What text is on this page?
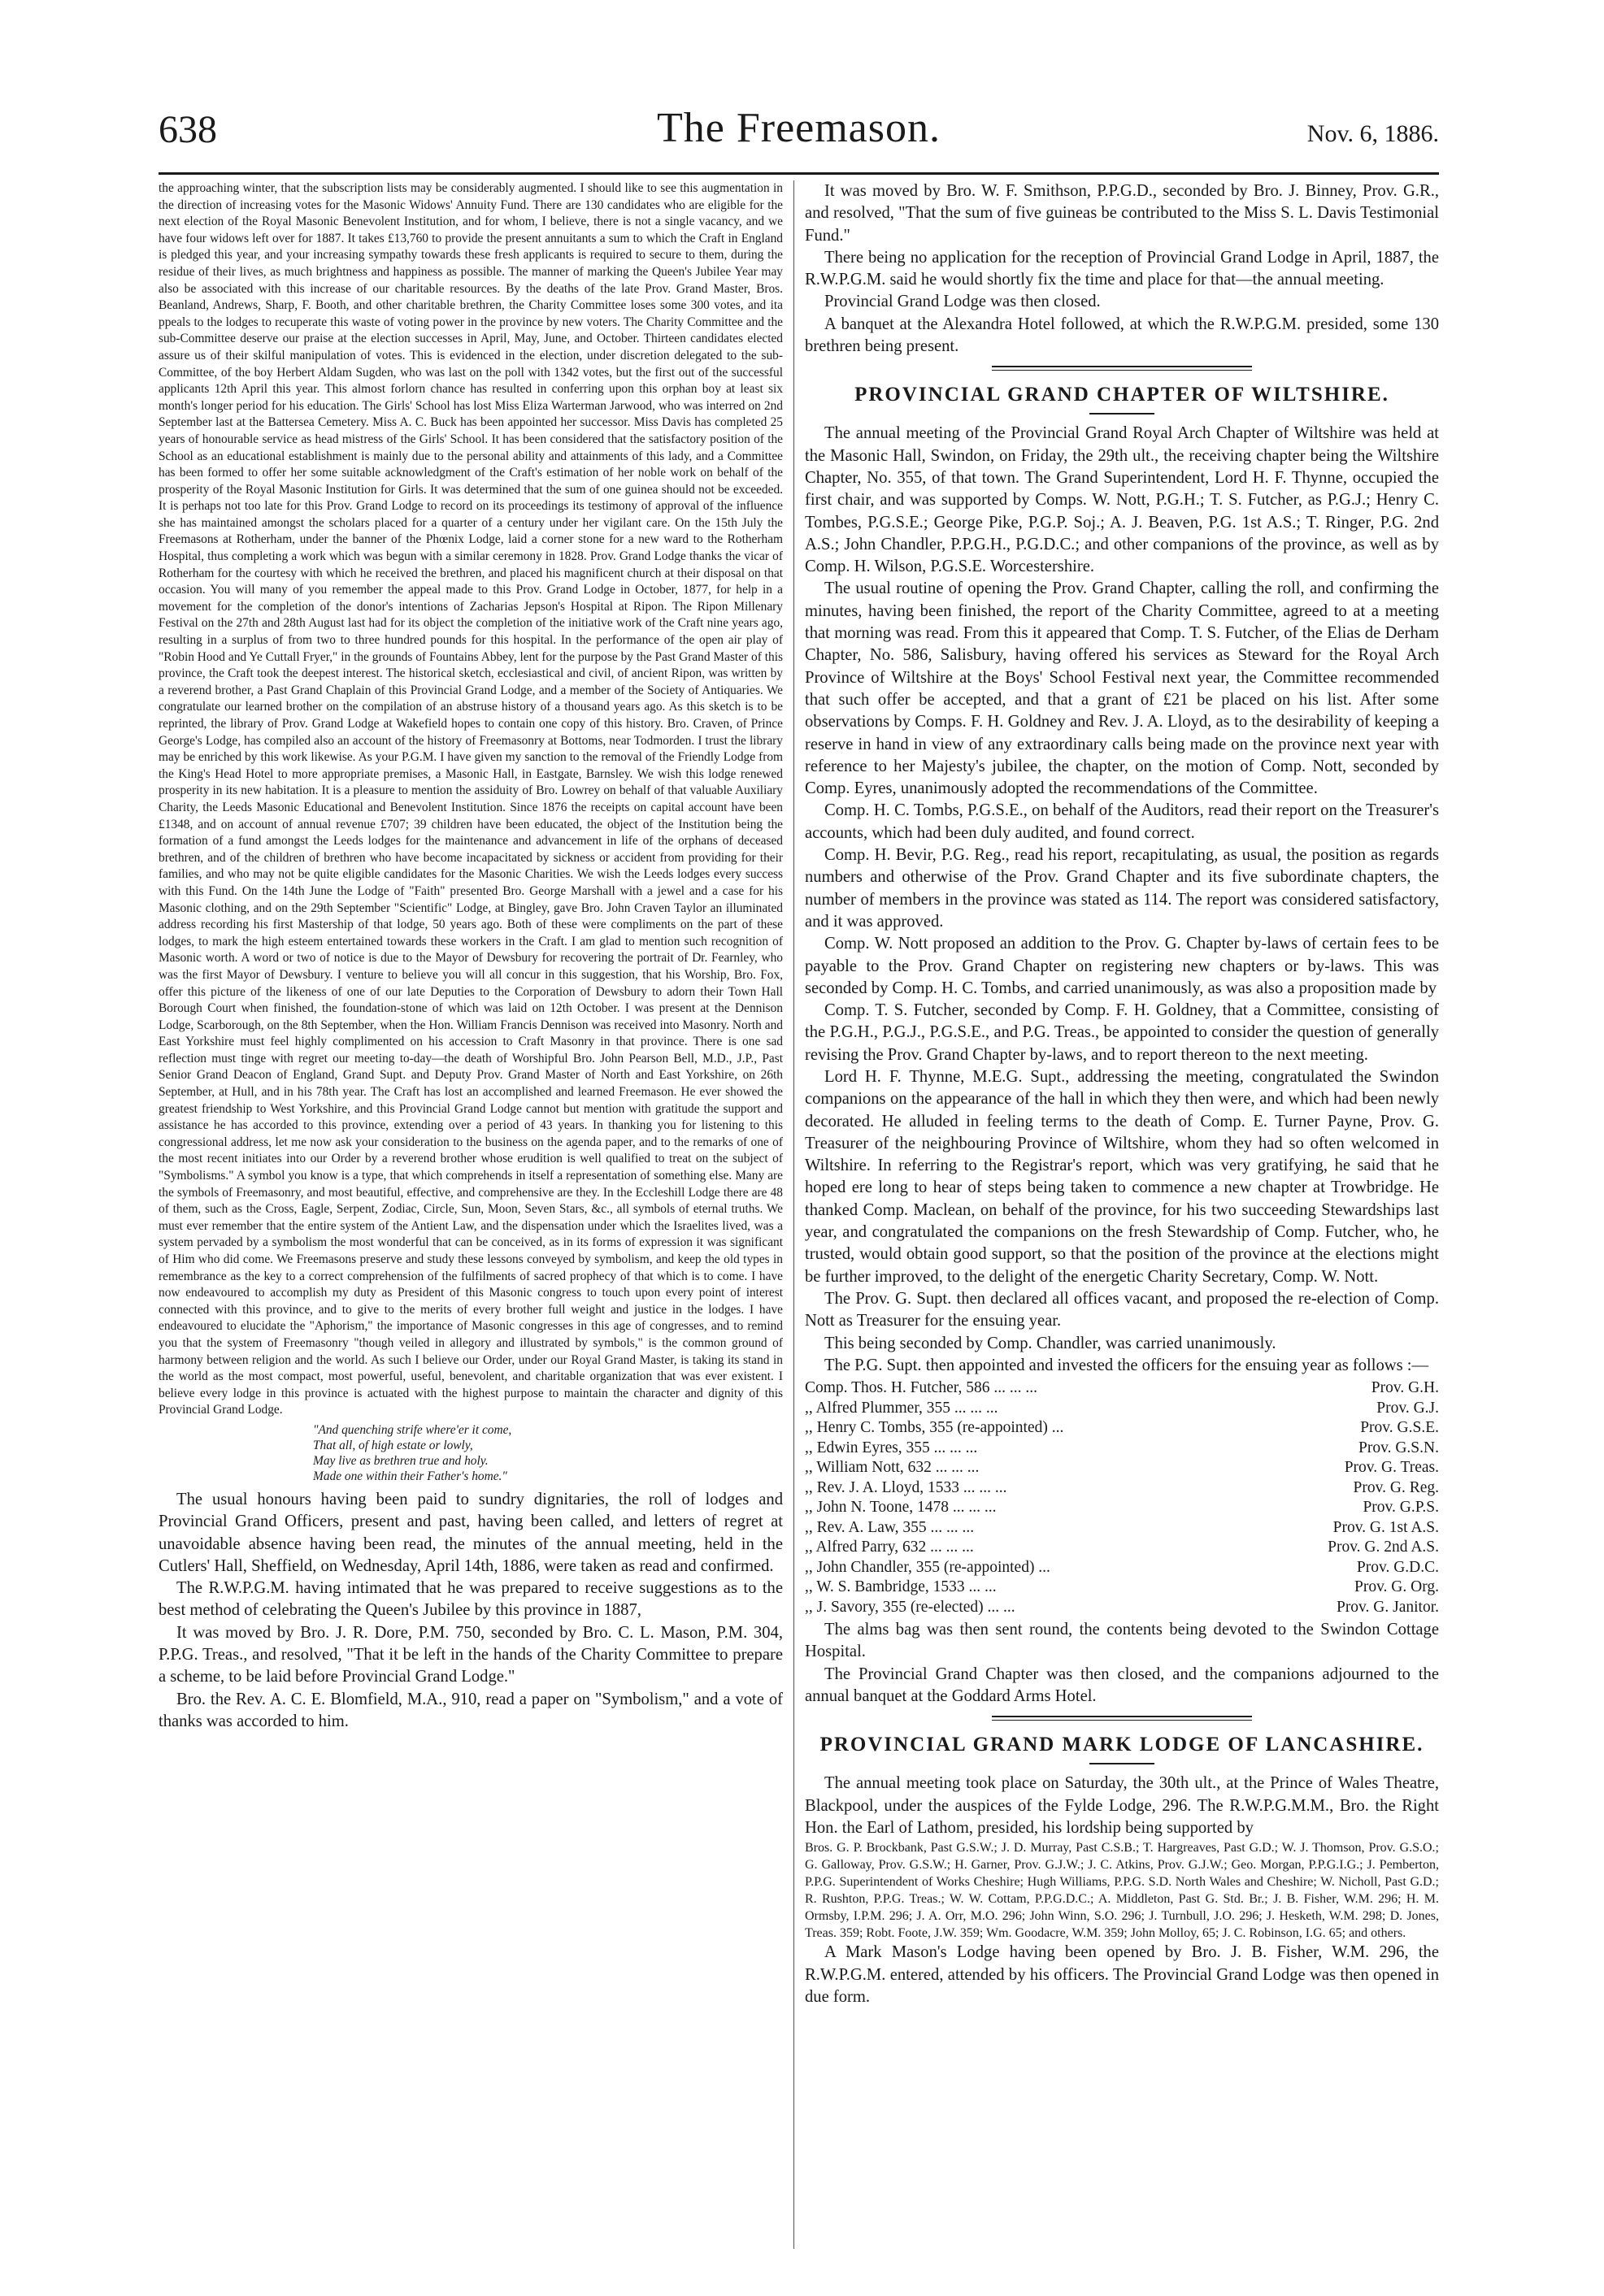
638	The Freemason.	Nov. 6, 1886.

the approaching winter, that the subscription lists may be considerably augmented. I should like to see this augmentation in the direction of increasing votes for the Masonic Widows' Annuity Fund. There are 130 candidates who are eligible for the next election of the Royal Masonic Benevolent Institution, and for whom, I believe, there is not a single vacancy, and we have four widows left over for 1887. It takes £13,760 to provide the present annuitants a sum to which the Craft in England is pledged this year, and your increasing sympathy towards these fresh applicants is required to secure to them, during the residue of their lives, as much brightness and happiness as possible. The manner of marking the Queen's Jubilee Year may also be associated with this increase of our charitable resources. By the deaths of the late Prov. Grand Master, Bros. Beanland, Andrews, Sharp, F. Booth, and other charitable brethren, the Charity Committee loses some 300 votes, and ita ppeals to the lodges to recuperate this waste of voting power in the province by new voters. The Charity Committee and the sub-Committee deserve our praise at the election successes in April, May, June, and October. Thirteen candidates elected assure us of their skilful manipulation of votes. This is evidenced in the election, under discretion delegated to the sub-Committee, of the boy Herbert Aldam Sugden, who was last on the poll with 1342 votes, but the first out of the successful applicants 12th April this year. This almost forlorn chance has resulted in conferring upon this orphan boy at least six month's longer period for his education. The Girls' School has lost Miss Eliza Warterman Jarwood, who was interred on 2nd September last at the Battersea Cemetery. Miss A. C. Buck has been appointed her successor. Miss Davis has completed 25 years of honourable service as head mistress of the Girls' School. It has been considered that the satisfactory position of the School as an educational establishment is mainly due to the personal ability and attainments of this lady, and a Committee has been formed to offer her some suitable acknowledgment of the Craft's estimation of her noble work on behalf of the prosperity of the Royal Masonic Institution for Girls. It was determined that the sum of one guinea should not be exceeded. It is perhaps not too late for this Prov. Grand Lodge to record on its proceedings its testimony of approval of the influence she has maintained amongst the scholars placed for a quarter of a century under her vigilant care. On the 15th July the Freemasons at Rotherham, under the banner of the Phœnix Lodge, laid a corner stone for a new ward to the Rotherham Hospital, thus completing a work which was begun with a similar ceremony in 1828. Prov. Grand Lodge thanks the vicar of Rotherham for the courtesy with which he received the brethren, and placed his magnificent church at their disposal on that occasion. You will many of you remember the appeal made to this Prov. Grand Lodge in October, 1877, for help in a movement for the completion of the donor's intentions of Zacharias Jepson's Hospital at Ripon. The Ripon Millenary Festival on the 27th and 28th August last had for its object the completion of the initiative work of the Craft nine years ago, resulting in a surplus of from two to three hundred pounds for this hospital. In the performance of the open air play of "Robin Hood and Ye Cuttall Fryer," in the grounds of Fountains Abbey, lent for the purpose by the Past Grand Master of this province, the Craft took the deepest interest. The historical sketch, ecclesiastical and civil, of ancient Ripon, was written by a reverend brother, a Past Grand Chaplain of this Provincial Grand Lodge, and a member of the Society of Antiquaries. We congratulate our learned brother on the compilation of an abstruse history of a thousand years ago. As this sketch is to be reprinted, the library of Prov. Grand Lodge at Wakefield hopes to contain one copy of this history. Bro. Craven, of Prince George's Lodge, has compiled also an account of the history of Freemasonry at Bottoms, near Todmorden. I trust the library may be enriched by this work likewise. As your P.G.M. I have given my sanction to the removal of the Friendly Lodge from the King's Head Hotel to more appropriate premises, a Masonic Hall, in Eastgate, Barnsley. We wish this lodge renewed prosperity in its new habitation. It is a pleasure to mention the assiduity of Bro. Lowrey on behalf of that valuable Auxiliary Charity, the Leeds Masonic Educational and Benevolent Institution. Since 1876 the receipts on capital account have been £1348, and on account of annual revenue £707; 39 children have been educated, the object of the Institution being the formation of a fund amongst the Leeds lodges for the maintenance and advancement in life of the orphans of deceased brethren, and of the children of brethren who have become incapacitated by sickness or accident from providing for their families, and who may not be quite eligible candidates for the Masonic Charities. We wish the Leeds lodges every success with this Fund. On the 14th June the Lodge of "Faith" presented Bro. George Marshall with a jewel and a case for his Masonic clothing, and on the 29th September "Scientific" Lodge, at Bingley, gave Bro. John Craven Taylor an illuminated address recording his first Mastership of that lodge, 50 years ago. Both of these were compliments on the part of these lodges, to mark the high esteem entertained towards these workers in the Craft. I am glad to mention such recognition of Masonic worth. A word or two of notice is due to the Mayor of Dewsbury for recovering the portrait of Dr. Fearnley, who was the first Mayor of Dewsbury. I venture to believe you will all concur in this suggestion, that his Worship, Bro. Fox, offer this picture of the likeness of one of our late Deputies to the Corporation of Dewsbury to adorn their Town Hall Borough Court when finished, the foundation-stone of which was laid on 12th October. I was present at the Dennison Lodge, Scarborough, on the 8th September, when the Hon. William Francis Dennison was received into Masonry. North and East Yorkshire must feel highly complimented on his accession to Craft Masonry in that province. There is one sad reflection must tinge with regret our meeting to-day—the death of Worshipful Bro. John Pearson Bell, M.D., J.P., Past Senior Grand Deacon of England, Grand Supt. and Deputy Prov. Grand Master of North and East Yorkshire, on 26th September, at Hull, and in his 78th year. The Craft has lost an accomplished and learned Freemason. He ever showed the greatest friendship to West Yorkshire, and this Provincial Grand Lodge cannot but mention with gratitude the support and assistance he has accorded to this province, extending over a period of 43 years. In thanking you for listening to this congressional address, let me now ask your consideration to the business on the agenda paper, and to the remarks of one of the most recent initiates into our Order by a reverend brother whose erudition is well qualified to treat on the subject of "Symbolisms." A symbol you know is a type, that which comprehends in itself a representation of something else. Many are the symbols of Freemasonry, and most beautiful, effective, and comprehensive are they. In the Eccleshill Lodge there are 48 of them, such as the Cross, Eagle, Serpent, Zodiac, Circle, Sun, Moon, Seven Stars, &c., all symbols of eternal truths. We must ever remember that the entire system of the Antient Law, and the dispensation under which the Israelites lived, was a system pervaded by a symbolism the most wonderful that can be conceived, as in its forms of expression it was significant of Him who did come. We Freemasons preserve and study these lessons conveyed by symbolism, and keep the old types in remembrance as the key to a correct comprehension of the fulfilments of sacred prophecy of that which is to come. I have now endeavoured to accomplish my duty as President of this Masonic congress to touch upon every point of interest connected with this province, and to give to the merits of every brother full weight and justice in the lodges. I have endeavoured to elucidate the "Aphorism," the importance of Masonic congresses in this age of congresses, and to remind you that the system of Freemasonry "though veiled in allegory and illustrated by symbols," is the common ground of harmony between religion and the world. As such I believe our Order, under our Royal Grand Master, is taking its stand in the world as the most compact, most powerful, useful, benevolent, and charitable organization that was ever existent. I believe every lodge in this province is actuated with the highest purpose to maintain the character and dignity of this Provincial Grand Lodge.

"And quenching strife where'er it come,
That all, of high estate or lowly,
May live as brethren true and holy.
Made one within their Father's home."

The usual honours having been paid to sundry dignitaries, the roll of lodges and Provincial Grand Officers, present and past, having been called, and letters of regret at unavoidable absence having been read, the minutes of the annual meeting, held in the Cutlers' Hall, Sheffield, on Wednesday, April 14th, 1886, were taken as read and confirmed.

The R.W.P.G.M. having intimated that he was prepared to receive suggestions as to the best method of celebrating the Queen's Jubilee by this province in 1887,

It was moved by Bro. J. R. Dore, P.M. 750, seconded by Bro. C. L. Mason, P.M. 304, P.P.G. Treas., and resolved, "That it be left in the hands of the Charity Committee to prepare a scheme, to be laid before Provincial Grand Lodge."

Bro. the Rev. A. C. E. Blomfield, M.A., 910, read a paper on "Symbolism," and a vote of thanks was accorded to him.

It was moved by Bro. W. F. Smithson, P.P.G.D., seconded by Bro. J. Binney, Prov. G.R., and resolved, "That the sum of five guineas be contributed to the Miss S. L. Davis Testimonial Fund."

There being no application for the reception of Provincial Grand Lodge in April, 1887, the R.W.P.G.M. said he would shortly fix the time and place for that—the annual meeting.

Provincial Grand Lodge was then closed.

A banquet at the Alexandra Hotel followed, at which the R.W.P.G.M. presided, some 130 brethren being present.

PROVINCIAL GRAND CHAPTER OF WILTSHIRE.

The annual meeting of the Provincial Grand Royal Arch Chapter of Wiltshire was held at the Masonic Hall, Swindon, on Friday, the 29th ult., the receiving chapter being the Wiltshire Chapter, No. 355, of that town. The Grand Superintendent, Lord H. F. Thynne, occupied the first chair, and was supported by Comps. W. Nott, P.G.H.; T. S. Futcher, as P.G.J.; Henry C. Tombes, P.G.S.E.; George Pike, P.G.P. Soj.; A. J. Beaven, P.G. 1st A.S.; T. Ringer, P.G. 2nd A.S.; John Chandler, P.P.G.H., P.G.D.C.; and other companions of the province, as well as by Comp. H. Wilson, P.G.S.E. Worcestershire.

The usual routine of opening the Prov. Grand Chapter, calling the roll, and confirming the minutes, having been finished, the report of the Charity Committee, agreed to at a meeting that morning was read. From this it appeared that Comp. T. S. Futcher, of the Elias de Derham Chapter, No. 586, Salisbury, having offered his services as Steward for the Royal Arch Province of Wiltshire at the Boys' School Festival next year, the Committee recommended that such offer be accepted, and that a grant of £21 be placed on his list. After some observations by Comps. F. H. Goldney and Rev. J. A. Lloyd, as to the desirability of keeping a reserve in hand in view of any extraordinary calls being made on the province next year with reference to her Majesty's jubilee, the chapter, on the motion of Comp. Nott, seconded by Comp. Eyres, unanimously adopted the recommendations of the Committee.

Comp. H. C. Tombs, P.G.S.E., on behalf of the Auditors, read their report on the Treasurer's accounts, which had been duly audited, and found correct.

Comp. H. Bevir, P.G. Reg., read his report, recapitulating, as usual, the position as regards numbers and otherwise of the Prov. Grand Chapter and its five subordinate chapters, the number of members in the province was stated as 114. The report was considered satisfactory, and it was approved.

Comp. W. Nott proposed an addition to the Prov. G. Chapter by-laws of certain fees to be payable to the Prov. Grand Chapter on registering new chapters or by-laws. This was seconded by Comp. H. C. Tombs, and carried unanimously, as was also a proposition made by

Comp. T. S. Futcher, seconded by Comp. F. H. Goldney, that a Committee, consisting of the P.G.H., P.G.J., P.G.S.E., and P.G. Treas., be appointed to consider the question of generally revising the Prov. Grand Chapter by-laws, and to report thereon to the next meeting.

Lord H. F. Thynne, M.E.G. Supt., addressing the meeting, congratulated the Swindon companions on the appearance of the hall in which they then were, and which had been newly decorated. He alluded in feeling terms to the death of Comp. E. Turner Payne, Prov. G. Treasurer of the neighbouring Province of Wiltshire, whom they had so often welcomed in Wiltshire. In referring to the Registrar's report, which was very gratifying, he said that he hoped ere long to hear of steps being taken to commence a new chapter at Trowbridge. He thanked Comp. Maclean, on behalf of the province, for his two succeeding Stewardships last year, and congratulated the companions on the fresh Stewardship of Comp. Futcher, who, he trusted, would obtain good support, so that the position of the province at the elections might be further improved, to the delight of the energetic Charity Secretary, Comp. W. Nott.

The Prov. G. Supt. then declared all offices vacant, and proposed the re-election of Comp. Nott as Treasurer for the ensuing year.

This being seconded by Comp. Chandler, was carried unanimously.

The P.G. Supt. then appointed and invested the officers for the ensuing year as follows :—

Comp. Thos. H. Futcher, 586 ... ... ...	Prov. G.H.
,, Alfred Plummer, 355 ... ... ...	Prov. G.J.
,, Henry C. Tombs, 355 (re-appointed) ...	Prov. G.S.E.
,, Edwin Eyres, 355 ... ... ...	Prov. G.S.N.
,, William Nott, 632 ... ... ...	Prov. G. Treas.
,, Rev. J. A. Lloyd, 1533 ... ... ...	Prov. G. Reg.
,, John N. Toone, 1478 ... ... ...	Prov. G.P.S.
,, Rev. A. Law, 355 ... ... ...	Prov. G. 1st A.S.
,, Alfred Parry, 632 ... ... ...	Prov. G. 2nd A.S.
,, John Chandler, 355 (re-appointed) ...	Prov. G.D.C.
,, W. S. Bambridge, 1533 ... ...	Prov. G. Org.
,, J. Savory, 355 (re-elected) ... ...	Prov. G. Janitor.

The alms bag was then sent round, the contents being devoted to the Swindon Cottage Hospital.

The Provincial Grand Chapter was then closed, and the companions adjourned to the annual banquet at the Goddard Arms Hotel.

PROVINCIAL GRAND MARK LODGE OF LANCASHIRE.

The annual meeting took place on Saturday, the 30th ult., at the Prince of Wales Theatre, Blackpool, under the auspices of the Fylde Lodge, 296. The R.W.P.G.M.M., Bro. the Right Hon. the Earl of Lathom, presided, his lordship being supported by

Bros. G. P. Brockbank, Past G.S.W.; J. D. Murray, Past C.S.B.; T. Hargreaves, Past G.D.; W. J. Thomson, Prov. G.S.O.; G. Galloway, Prov. G.S.W.; H. Garner, Prov. G.J.W.; J. C. Atkins, Prov. G.J.W.; Geo. Morgan, P.P.G.I.G.; J. Pemberton, P.P.G. Superintendent of Works Cheshire; Hugh Williams, P.P.G. S.D. North Wales and Cheshire; W. Nicholl, Past G.D.; R. Rushton, P.P.G. Treas.; W. W. Cottam, P.P.G.D.C.; A. Middleton, Past G. Std. Br.; J. B. Fisher, W.M. 296; H. M. Ormsby, I.P.M. 296; J. A. Orr, M.O. 296; John Winn, S.O. 296; J. Turnbull, J.O. 296; J. Hesketh, W.M. 298; D. Jones, Treas. 359; Robt. Foote, J.W. 359; Wm. Goodacre, W.M. 359; John Molloy, 65; J. C. Robinson, I.G. 65; and others.

A Mark Mason's Lodge having been opened by Bro. J. B. Fisher, W.M. 296, the R.W.P.G.M. entered, attended by his officers. The Provincial Grand Lodge was then opened in due form.
